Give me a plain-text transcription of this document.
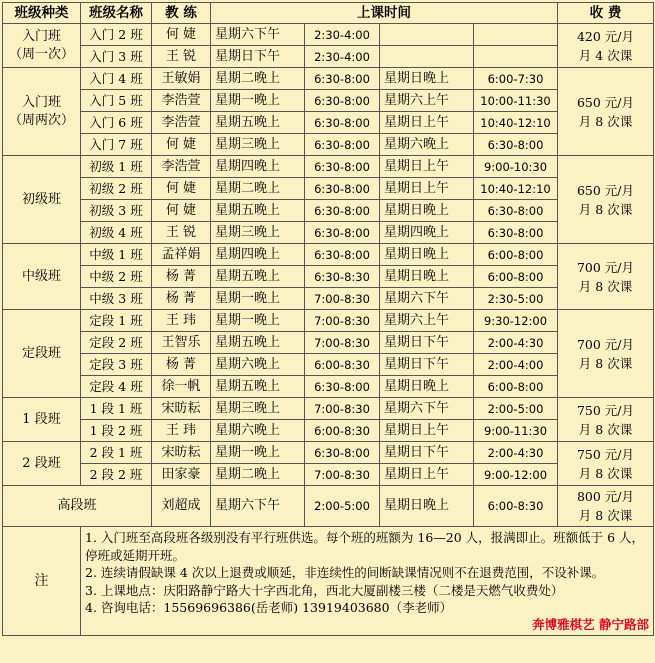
班级种类	班级名称	教 练	上课时间				收 费

入门班
（周一次）	入门 2 班	何 婕	星期六下午	2:30-4:00			420 元/月
月 4 次课

	入门 3 班	王 锐	星期日下午	2:30-4:00			

入门班
（周两次）	入门 4 班	王敏娟	星期二晚上	6:30-8:00	星期日晚上	6:00-7:30	650 元/月
月 8 次课

	入门 5 班	李浩萱	星期一晚上	6:30-8:00	星期六上午	10:00-11:30	
	入门 6 班	李浩萱	星期五晚上	6:30-8:00	星期日上午	10:40-12:10	
	入门 7 班	何 婕	星期三晚上	6:30-8:00	星期六晚上	6:30-8:00	

初级班	初级 1 班	李浩萱	星期四晚上	6:30-8:00	星期日上午	9:00-10:30	650 元/月
月 8 次课

	初级 2 班	何 婕	星期二晚上	6:30-8:00	星期日上午	10:40-12:10	
	初级 3 班	何 婕	星期五晚上	6:30-8:00	星期日晚上	6:30-8:00	
	初级 4 班	王 锐	星期三晚上	6:30-8:00	星期四晚上	6:30-8:00	

中级班	中级 1 班	孟祥娟	星期四晚上	6:30-8:00	星期日晚上	6:00-8:00	700 元/月
月 8 次课

	中级 2 班	杨 菁	星期五晚上	6:30-8:30	星期日晚上	6:00-8:00	
	中级 3 班	杨 菁	星期一晚上	7:00-8:30	星期六下午	2:30-5:00	

定段班	定段 1 班	王 玮	星期一晚上	7:00-8:30	星期六上午	9:30-12:00	700 元/月
月 8 次课

	定段 2 班	王智乐	星期五晚上	7:00-8:30	星期日下午	2:00-4:30	
	定段 3 班	杨 菁	星期六晚上	6:00-8:30	星期日下午	2:00-4:00	
	定段 4 班	徐一帆	星期五晚上	6:30-8:00	星期日晚上	6:00-8:00	

1 段班	1 段 1 班	宋昉耘	星期三晚上	7:00-8:30	星期六下午	2:00-5:00	750 元/月
月 8 次课

	1 段 2 班	王 玮	星期六晚上	6:00-8:30	星期日上午	9:00-11:30	

2 段班	2 段 1 班	宋昉耘	星期一晚上	6:30-8:00	星期日下午	2:00-4:30	750 元/月
月 8 次课

	2 段 2 班	田家豪	星期二晚上	7:00-8:30	星期日上午	9:00-12:00	
高段班		刘超成	星期六下午	2:00-5:00	星期日晚上	6:00-8:30	800 元/月
月 8 次课

注	1. 入门班至高段班各级别没有平行班供选。每个班的班额为 16—20 人，报满即止。班额低于 6 人，停班或延期开班。
2. 连续请假缺课 4 次以上退费或顺延，非连续性的间断缺课情况则不在退费范围，不设补课。
3. 上课地点：庆阳路静宁路大十字西北角，西北大厦副楼三楼（二楼是天燃气收费处）
4. 咨询电话：15569696386(岳老师) 13919403680（李老师）
奔博雅棋艺 静宁路部						
